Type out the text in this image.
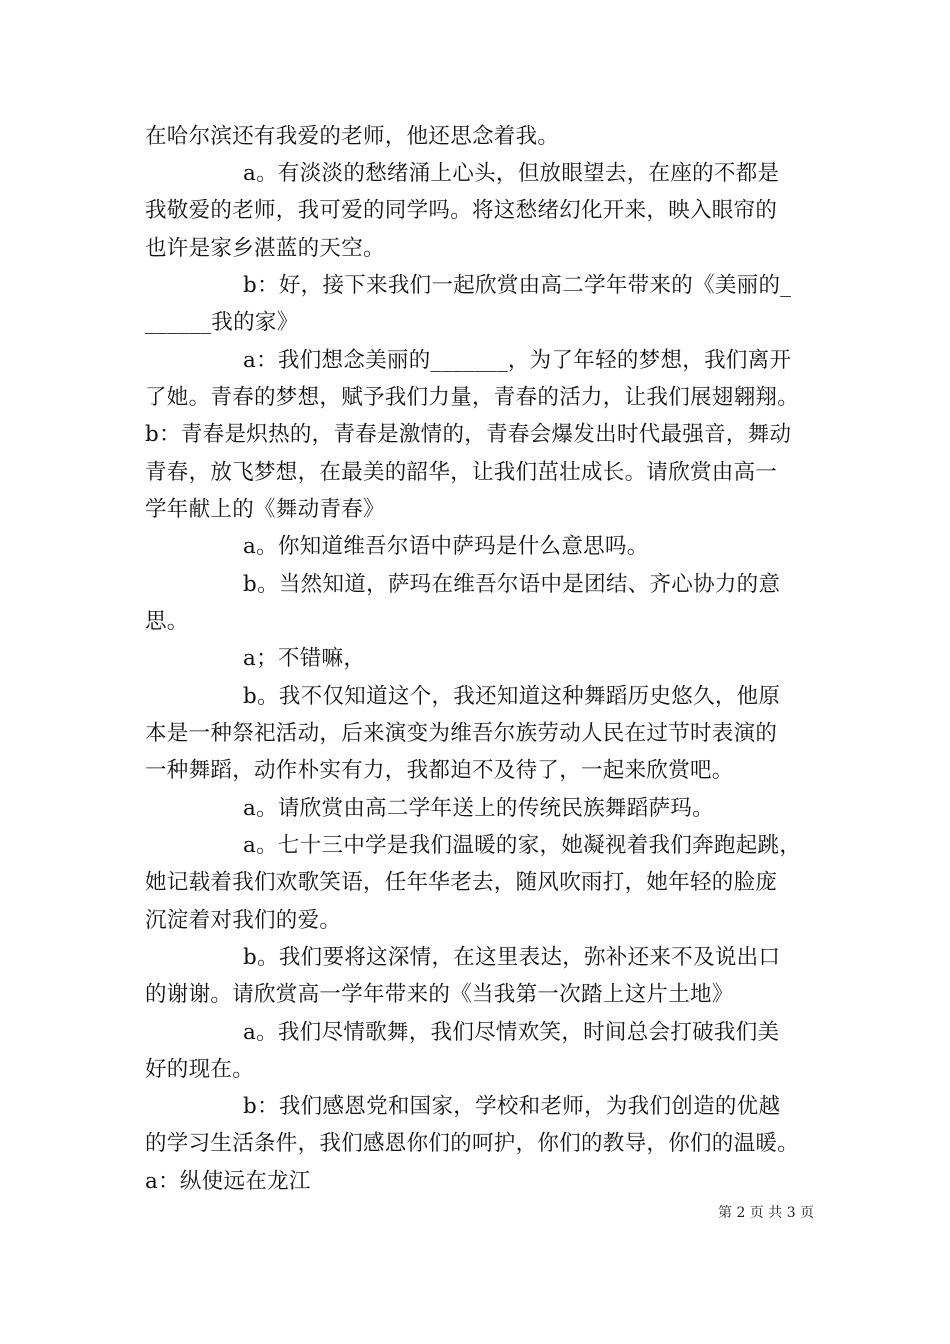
在哈尔滨还有我爱的老师，他还思念着我。
a。有淡淡的愁绪涌上心头，但放眼望去，在座的不都是
我敬爱的老师，我可爱的同学吗。将这愁绪幻化开来，映入眼帘的
也许是家乡湛蓝的天空。
b：好，接下来我们一起欣赏由高二学年带来的《美丽的_
______我的家》
a：我们想念美丽的_______，为了年轻的梦想，我们离开
了她。青春的梦想，赋予我们力量，青春的活力，让我们展翅翱翔。
b：青春是炽热的，青春是激情的，青春会爆发出时代最强音，舞动
青春，放飞梦想，在最美的韶华，让我们茁壮成长。请欣赏由高一
学年献上的《舞动青春》
a。你知道维吾尔语中萨玛是什么意思吗。
b。当然知道，萨玛在维吾尔语中是团结、齐心协力的意
思。
a；不错嘛，
b。我不仅知道这个，我还知道这种舞蹈历史悠久，他原
本是一种祭祀活动，后来演变为维吾尔族劳动人民在过节时表演的
一种舞蹈，动作朴实有力，我都迫不及待了，一起来欣赏吧。
a。请欣赏由高二学年送上的传统民族舞蹈萨玛。
a。七十三中学是我们温暖的家，她凝视着我们奔跑起跳，
她记载着我们欢歌笑语，任年华老去，随风吹雨打，她年轻的脸庞
沉淀着对我们的爱。
b。我们要将这深情，在这里表达，弥补还来不及说出口
的谢谢。请欣赏高一学年带来的《当我第一次踏上这片土地》
a。我们尽情歌舞，我们尽情欢笑，时间总会打破我们美
好的现在。
b：我们感恩党和国家，学校和老师，为我们创造的优越
的学习生活条件，我们感恩你们的呵护，你们的教导，你们的温暖。
a：纵使远在龙江
第 2 页 共 3 页
